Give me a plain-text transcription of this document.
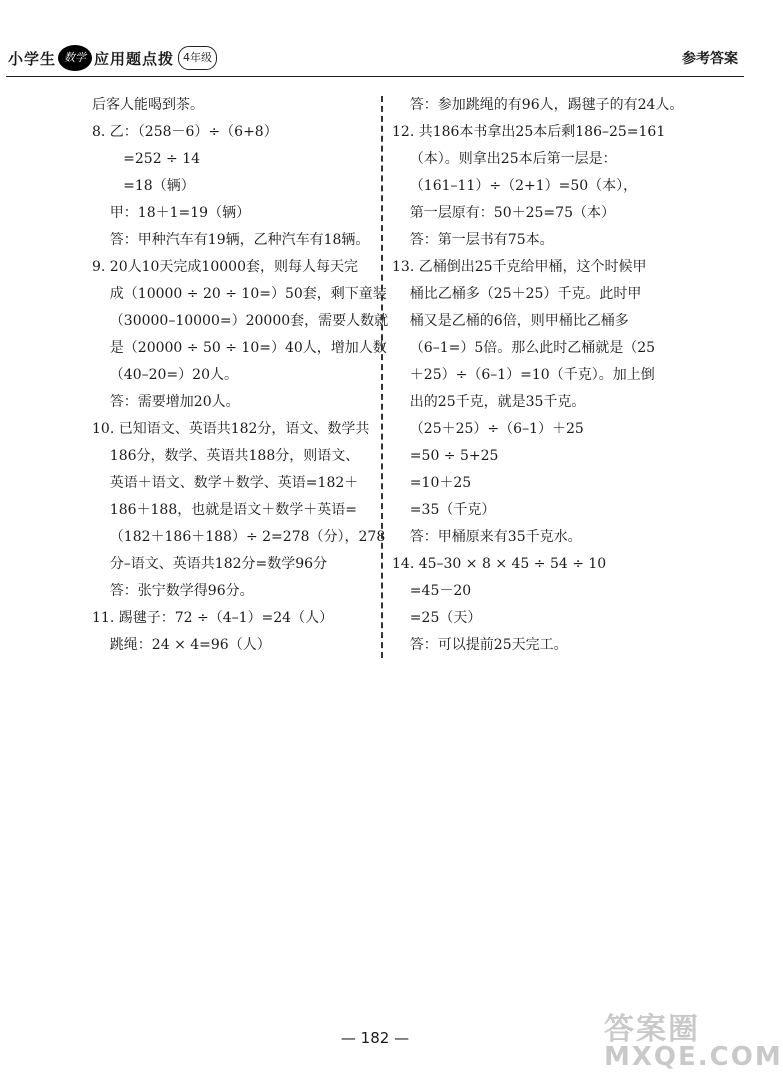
小学生 数学 应用题点拨 4年级	参考答案
后客人能喝到茶。
8. 乙：（258－6）÷（6+8）
=252 ÷ 14
=18（辆）
甲：18＋1=19（辆）
答：甲种汽车有19辆，乙种汽车有18辆。
9. 20人10天完成10000套，则每人每天完
成（10000 ÷ 20 ÷ 10=）50套，剩下童装
（30000–10000=）20000套，需要人数就
是（20000 ÷ 50 ÷ 10=）40人，增加人数
（40–20=）20人。
答：需要增加20人。
10. 已知语文、英语共182分，语文、数学共
186分，数学、英语共188分，则语文、
英语＋语文、数学＋数学、英语=182＋
186＋188，也就是语文＋数学＋英语=
（182＋186＋188）÷ 2=278（分），278
分–语文、英语共182分=数学96分
答：张宁数学得96分。
11. 踢毽子：72 ÷（4–1）=24（人）
跳绳：24 × 4=96（人）
答：参加跳绳的有96人，踢毽子的有24人。
12. 共186本书拿出25本后剩186–25=161
（本）。则拿出25本后第一层是：
（161–11）÷（2+1）=50（本），
第一层原有：50＋25=75（本）
答：第一层书有75本。
13. 乙桶倒出25千克给甲桶，这个时候甲
桶比乙桶多（25＋25）千克。此时甲
桶又是乙桶的6倍，则甲桶比乙桶多
（6–1=）5倍。那么此时乙桶就是（25
＋25）÷（6–1）=10（千克）。加上倒
出的25千克，就是35千克。
（25＋25）÷（6–1）＋25
=50 ÷ 5+25
=10＋25
=35（千克）
答：甲桶原来有35千克水。
14. 45–30 × 8 × 45 ÷ 54 ÷ 10
=45－20
=25（天）
答：可以提前25天完工。
— 182 —	答案圈
MXQE.COM
